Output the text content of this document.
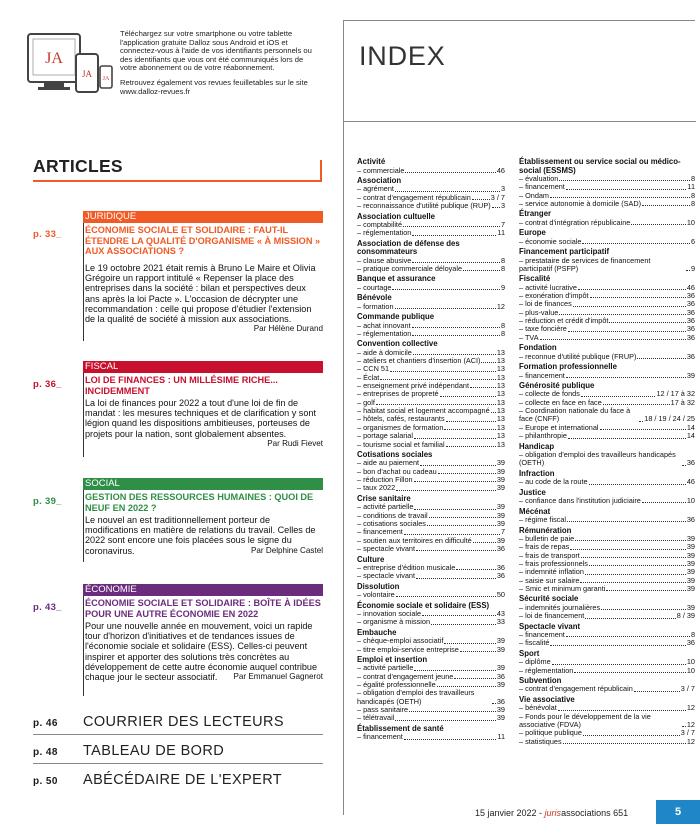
JA
JA JA

Téléchargez sur votre smartphone ou votre tablette l'application gratuite Dalloz sous Android et iOS et connectez-vous à l'aide de vos identifiants personnels ou des identifiants que vous ont été communiqués lors de votre abonnement ou de votre réabonnement.

Retrouvez également vos revues feuilletables sur le site www.dalloz-revues.fr

ARTICLES
JURIDIQUE
p. 33_	ÉCONOMIE SOCIALE ET SOLIDAIRE : FAUT-IL ÉTENDRE LA QUALITÉ D'ORGANISME « À MISSION » AUX ASSOCIATIONS ?
Le 19 octobre 2021 était remis à Bruno Le Maire et Olivia Grégoire un rapport intitulé « Repenser la place des entreprises dans la société : bilan et perspectives deux ans après la loi Pacte ». L'occasion de décrypter une recommandation : celle qui propose d'étudier l'extension de la qualité de société à mission aux associations.
Par Hélène Durand
FISCAL
p. 36_	LOI DE FINANCES : UN MILLÉSIME RICHE... INCIDEMMENT
La loi de finances pour 2022 a tout d'une loi de fin de mandat : les mesures techniques et de clarification y sont légion quand les dispositions ambitieuses, porteuses de projets pour la nation, sont globalement absentes.
Par Rudi Fievet
SOCIAL
p. 39_	GESTION DES RESSOURCES HUMAINES : QUOI DE NEUF EN 2022 ?
Le nouvel an est traditionnellement porteur de modifications en matière de relations du travail. Celles de 2022 sont encore une fois placées sous le signe du coronavirus.	Par Delphine Castel
ÉCONOMIE
p. 43_	ÉCONOMIE SOCIALE ET SOLIDAIRE : BOÎTE À IDÉES POUR UNE AUTRE ÉCONOMIE EN 2022
Pour une nouvelle année en mouvement, voici un rapide tour d'horizon d'initiatives et de tendances issues de l'économie sociale et solidaire (ESS). Celles-ci peuvent inspirer et apporter des solutions très concrètes au développement de cette autre économie auquel contribue chaque jour le secteur associatif. Par Emmanuel Gagnerot
p. 46 COURRIER DES LECTEURS
p. 48 TABLEAU DE BORD
p. 50 ABÉCÉDAIRE DE L'EXPERT
INDEX
Activité
– commerciale	46
Association
– agrément	3
– contrat d'engagement républicain	3 / 7
– reconnaissance d'utilité publique (RUP) 3
Association cultuelle
– comptabilité	7
– réglementation	11
Association de défense des consommateurs
– clause abusive	8
– pratique commerciale déloyale	8
Banque et assurance
– courtage	9
Bénévole
– formation	12
Commande publique
– achat innovant	8
– réglementation	8
Convention collective
– aide à domicile	13
– ateliers et chantiers d'insertion (ACI) 13
– CCN 51	13
– Éclat	13
– enseignement privé indépendant	13
– entreprises de propreté	13
– golf	13
– habitat social et logement accompagné 13
– hôtels, cafés, restaurants	13
– organismes de formation	13
– portage salarial	13
– tourisme social et familial	13
Cotisations sociales
– aide au paiement	39
– bon d'achat ou cadeau	39
– réduction Fillon	39
– taux 2022	39
Crise sanitaire
– activité partielle	39
– conditions de travail	39
– cotisations sociales	39
– financement	7
– soutien aux territoires en difficulté	39
– spectacle vivant	36
Culture
– entreprise d'édition musicale	36
– spectacle vivant	36
Dissolution
– volontaire	50
Économie sociale et solidaire (ESS)
– innovation sociale	43
– organisme à mission	33
Embauche
– chèque-emploi associatif	39
– titre emploi-service entreprise	39
Emploi et insertion
– activité partielle	39
– contrat d'engagement jeune	36
– égalité professionnelle	39
– obligation d'emploi des travailleurs handicapés (OETH)	36
– pass sanitaire	39
– télétravail	39
Établissement de santé
– financement	11
Établissement ou service social ou médico-social (ESSMS)
– évaluation	8
– financement	11
– Ondam	8
– service autonomie à domicile (SAD)	8
Étranger
– contrat d'intégration républicaine	10
Europe
– économie sociale	6
Financement participatif
– prestataire de services de financement participatif (PSFP)	9
Fiscalité
– activité lucrative	46
– exonération d'impôt	36
– loi de finances	36
– plus-value	36
– réduction et crédit d'impôt	36
– taxe foncière	36
– TVA	36
Fondation
– reconnue d'utilité publique (FRUP)	36
Formation professionnelle
– financement	39
Générosité publique
– collecte de fonds	12 / 17 à 32
– collecte en face en face	17 à 32
– Coordination nationale du face à face (CNFF)	18 / 19 / 24 / 25
– Europe et international	14
– philanthropie	14
Handicap
– obligation d'emploi des travailleurs handicapés (OETH)	36
Infraction
– au code de la route	46
Justice
– confiance dans l'institution judiciaire	10
Mécénat
– régime fiscal	36
Rémunération
– bulletin de paie	39
– frais de repas	39
– frais de transport	39
– frais professionnels	39
– indemnité inflation	39
– saisie sur salaire	39
– Smic et minimum garanti	39
Sécurité sociale
– indemnités journalières	39
– loi de financement	8 / 39
Spectacle vivant
– financement	8
– fiscalité	36
Sport
– diplôme	10
– réglementation	10
Subvention
– contrat d'engagement républicain	3 / 7
Vie associative
– bénévolat	12
– Fonds pour le développement de la vie associative (FDVA)	12
– politique publique	3 / 7
– statistiques	12
15 janvier 2022 - jurisassociations 651	5
